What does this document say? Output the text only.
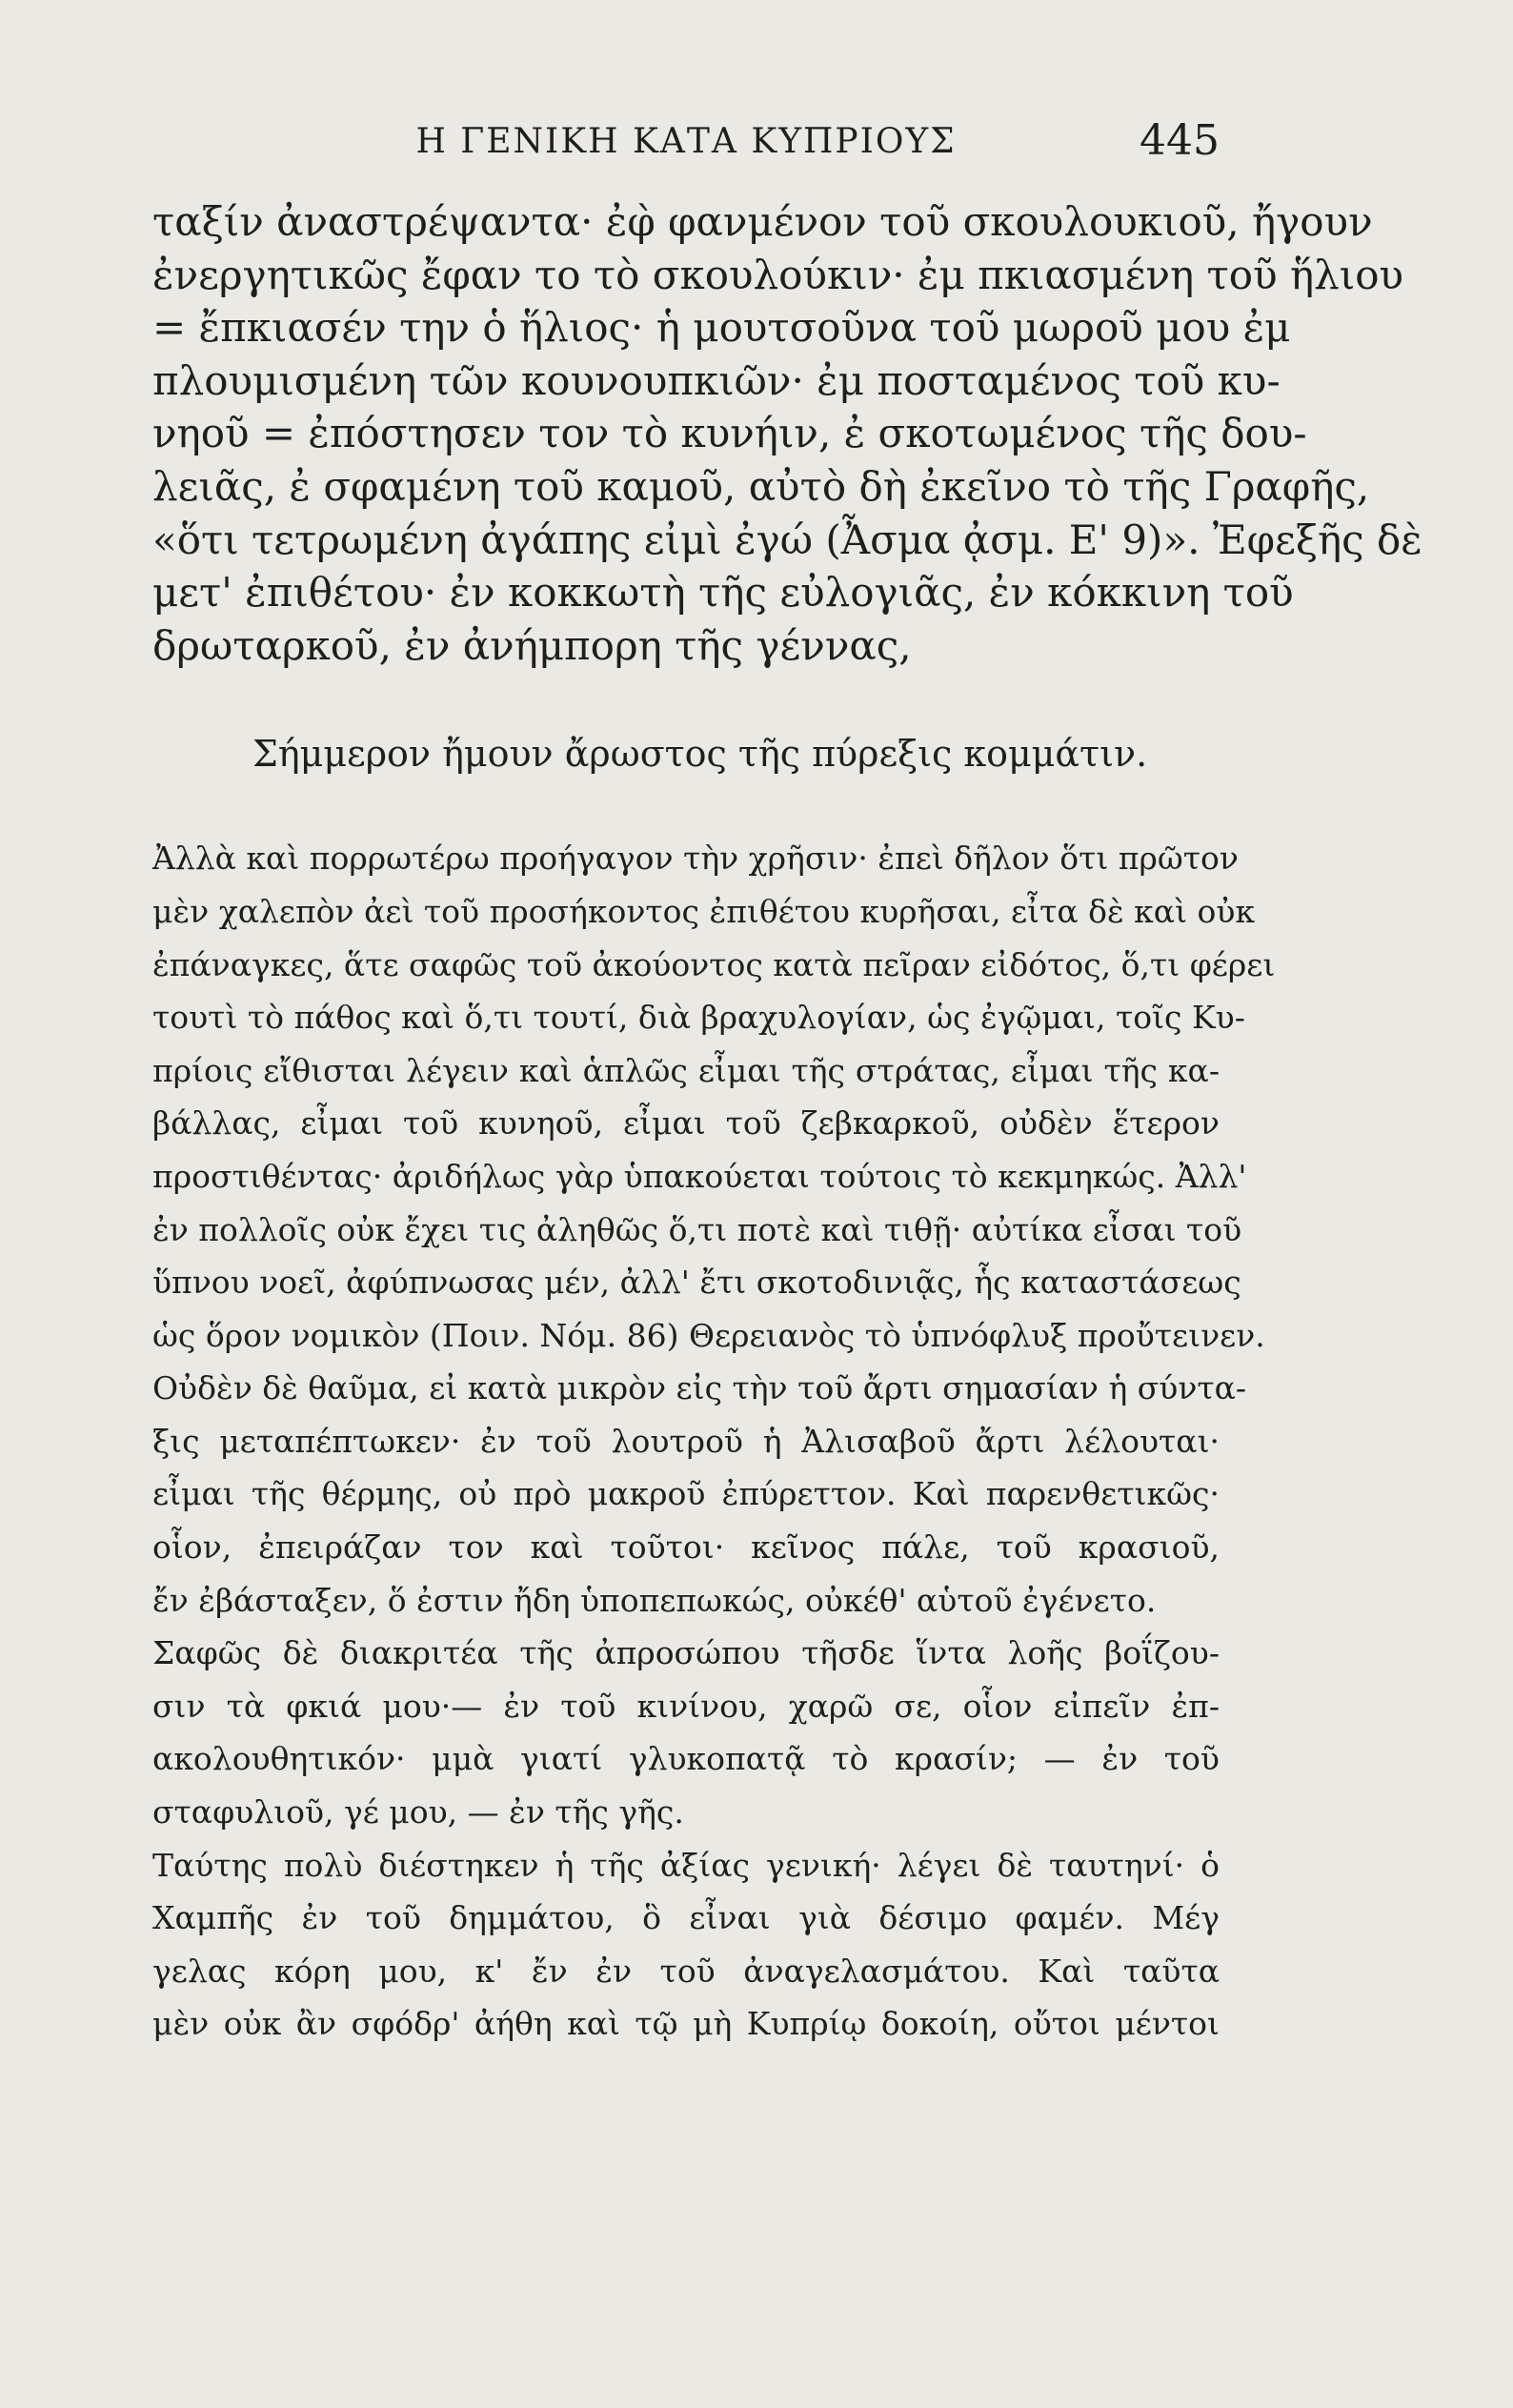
Η ΓΕΝΙΚΗ ΚΑΤΑ ΚΥΠΡΙΟΥΣ	445
ταξίν ἀναστρέψαντα· ἐφ̀ φανμένον τοῦ σκουλουκιοῦ, ἤγουν
ἐνεργητικῶς ἔφαν το τὸ σκουλούκιν· ἐμ πκιασμένη τοῦ ἥλιου
= ἔπκιασέν την ὁ ἥλιος· ἡ μουτσοῦνα τοῦ μωροῦ μου ἐμ
πλουμισμένη τῶν κουνουπκιῶν· ἐμ ποσταμένος τοῦ κυ-
νηοῦ = ἐπόστησεν τον τὸ κυνήιν, ἐ σκοτωμένος τῆς δου-
λειᾶς, ἐ σφαμένη τοῦ καμοῦ, αὐτὸ δὴ ἐκεῖνο τὸ τῆς Γραφῆς,
«ὅτι τετρωμένη ἀγάπης εἰμὶ ἐγώ (Ἆσμα ᾀσμ. Ε' 9)». Ἐφεξῆς δὲ
μετ' ἐπιθέτου· ἐν κοκκωτὴ τῆς εὐλογιᾶς, ἐν κόκκινη τοῦ
δρωταρκοῦ, ἐν ἀνήμπορη τῆς γέννας,
Σήμμερον ἤμουν ἄρωστος τῆς πύρεξις κομμάτιν.
Ἀλλὰ καὶ πορρωτέρω προήγαγον τὴν χρῆσιν· ἐπεὶ δῆλον ὅτι πρῶτον
μὲν χαλεπὸν ἀεὶ τοῦ προσήκοντος ἐπιθέτου κυρῆσαι, εἶτα δὲ καὶ οὐκ
ἐπάναγκες, ἅτε σαφῶς τοῦ ἀκούοντος κατὰ πεῖραν εἰδότος, ὅ,τι φέρει
τουτὶ τὸ πάθος καὶ ὅ,τι τουτί, διὰ βραχυλογίαν, ὡς ἐγῷμαι, τοῖς Κυ-
πρίοις εἴθισται λέγειν καὶ ἁπλῶς εἶμαι τῆς στράτας, εἶμαι τῆς κα-
βάλλας, εἶμαι τοῦ κυνηοῦ, εἶμαι τοῦ ζεβκαρκοῦ, οὐδὲν ἕτερον
προστιθέντας· ἀριδήλως γὰρ ὑπακούεται τούτοις τὸ κεκμηκώς. Ἀλλ'
ἐν πολλοῖς οὐκ ἔχει τις ἀληθῶς ὅ,τι ποτὲ καὶ τιθῇ· αὐτίκα εἶσαι τοῦ
ὕπνου νοεῖ, ἀφύπνωσας μέν, ἀλλ' ἔτι σκοτοδινιᾷς, ἧς καταστάσεως
ὡς ὅρον νομικὸν (Ποιν. Νόμ. 86) Θερειανὸς τὸ ὑπνόφλυξ προὔτεινεν.
Οὐδὲν δὲ θαῦμα, εἰ κατὰ μικρὸν εἰς τὴν τοῦ ἄρτι σημασίαν ἡ σύντα-
ξις μεταπέπτωκεν· ἐν τοῦ λουτροῦ ἡ Ἀλισαβοῦ ἄρτι λέλουται·
εἶμαι τῆς θέρμης, οὐ πρὸ μακροῦ ἐπύρεττον. Καὶ παρενθετικῶς·
οἷον, ἐπειράζαν τον καὶ τοῦτοι· κεῖνος πάλε, τοῦ κρασιοῦ,
ἔν ἐβάσταξεν, ὅ ἐστιν ἤδη ὑποπεπωκώς, οὐκέθ' αὑτοῦ ἐγένετο.
Σαφῶς δὲ διακριτέα τῆς ἀπροσώπου τῆσδε ἵντα λοῆς βοΐζου-
σιν τὰ φκιά μου·— ἐν τοῦ κινίνου, χαρῶ σε, οἷον εἰπεῖν ἐπ-
ακολουθητικόν· μμὰ γιατί γλυκοπατᾷ τὸ κρασίν; — ἐν τοῦ
σταφυλιοῦ, γέ μου, — ἐν τῆς γῆς.
Ταύτης πολὺ διέστηκεν ἡ τῆς ἀξίας γενική· λέγει δὲ ταυτηνί· ὁ
Χαμπῆς ἐν τοῦ δημμάτου, ὃ εἶναι γιὰ δέσιμο φαμέν. Μέγ
γελας κόρη μου, κ' ἔν ἐν τοῦ ἀναγελασμάτου. Καὶ ταῦτα
μὲν οὐκ ἂν σφόδρ' ἀήθη καὶ τῷ μὴ Κυπρίῳ δοκοίη, οὔτοι μέντοι
